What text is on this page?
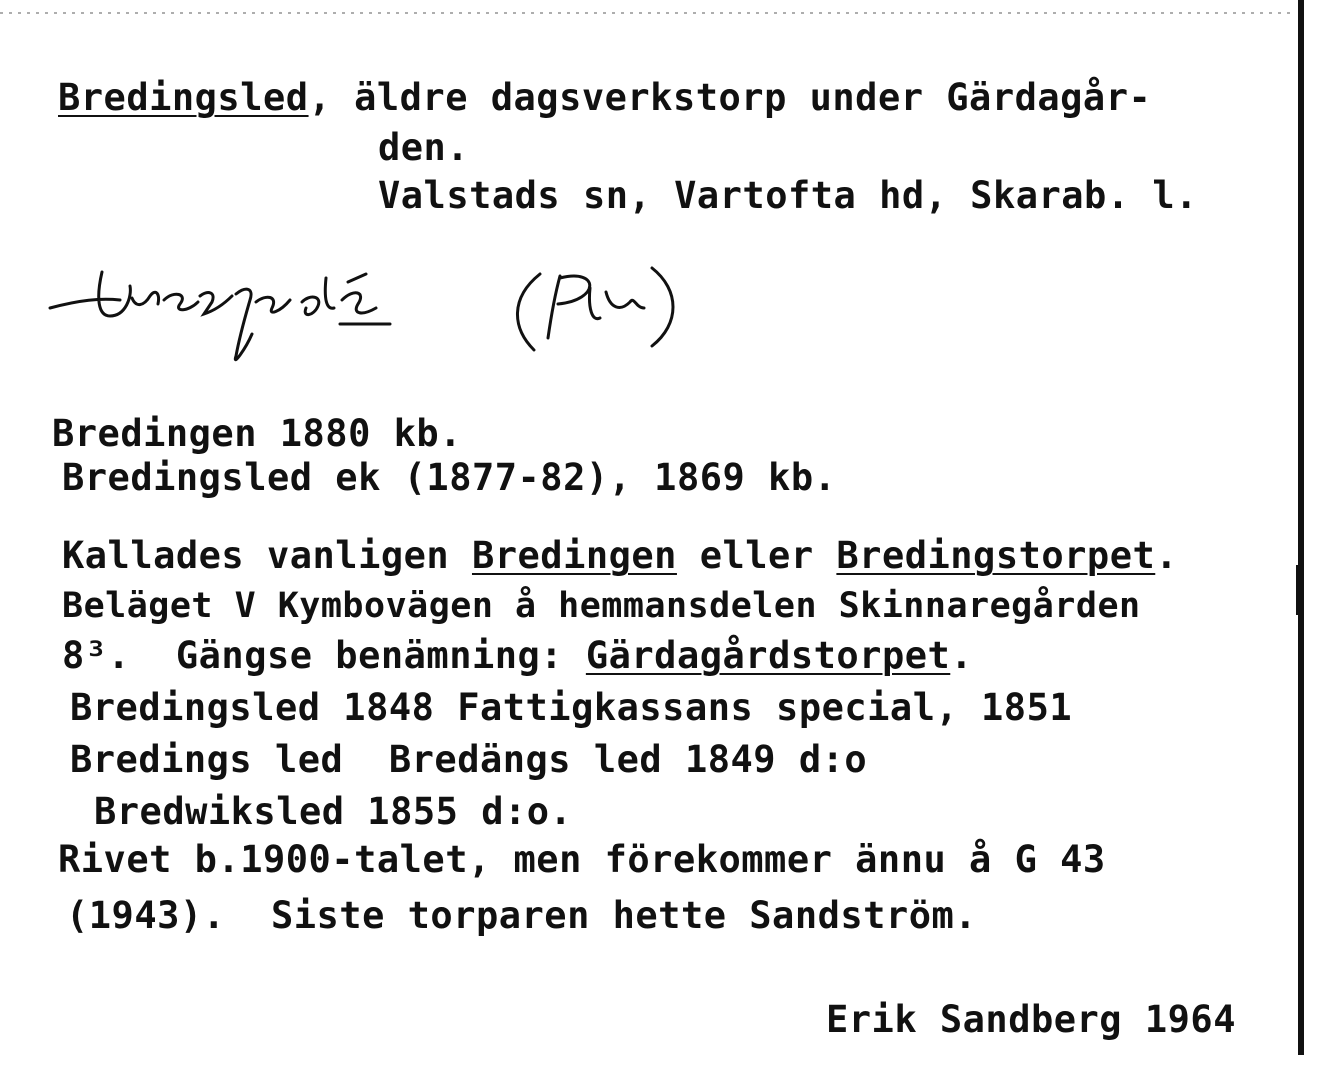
Bredingsled, äldre dagsverkstorp under Gärdagår-
den.
Valstads sn, Vartofta hd, Skarab. l.
Bredingen 1880 kb.
Bredingsled ek (1877-82), 1869 kb.
Kallades vanligen Bredingen eller Bredingstorpet.
Beläget V Kymbovägen å hemmansdelen Skinnaregården
8³.  Gängse benämning: Gärdagårdstorpet.
Bredingsled 1848 Fattigkassans special, 1851
Bredings led  Bredängs led 1849 d:o
Bredwiksled 1855 d:o.
Rivet b.1900-talet, men förekommer ännu å G 43
(1943).  Siste torparen hette Sandström.
Erik Sandberg 1964
